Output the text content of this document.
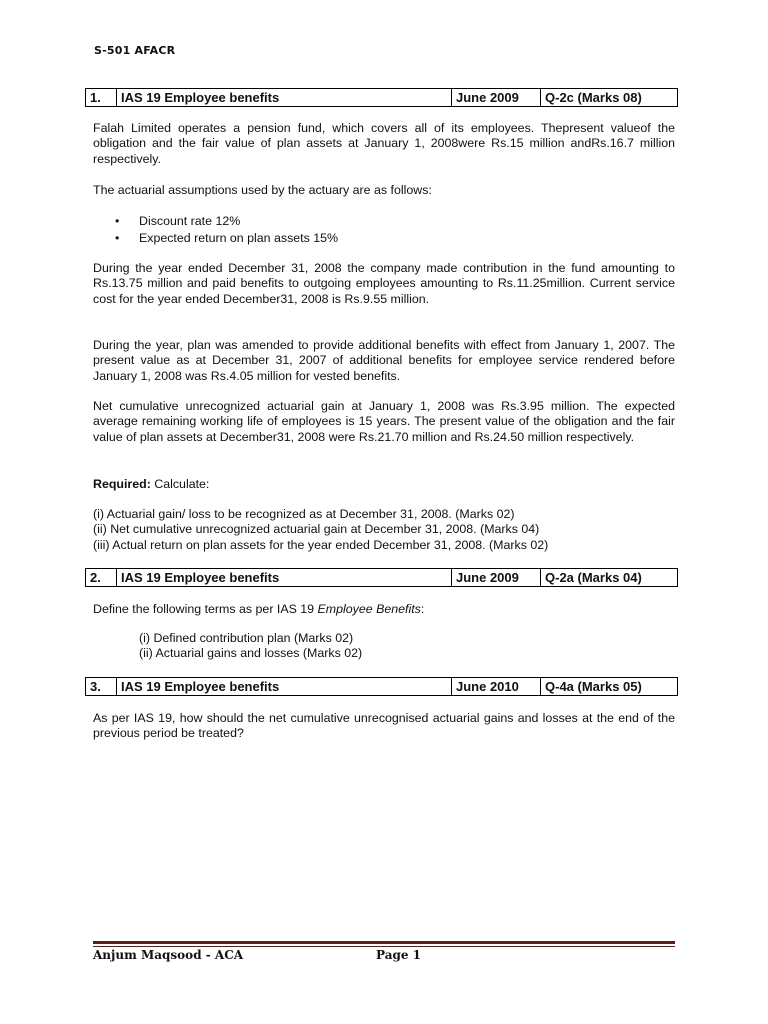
S-501 AFACR
1.	IAS 19 Employee benefits	June 2009	Q-2c (Marks 08)
Falah Limited operates a pension fund, which covers all of its employees. Thepresent valueof the obligation and the fair value of plan assets at January 1, 2008were Rs.15 million andRs.16.7 million respectively.
The actuarial assumptions used by the actuary are as follows:
• Discount rate 12%
• Expected return on plan assets 15%
During the year ended December 31, 2008 the company made contribution in the fund amounting to Rs.13.75 million and paid benefits to outgoing employees amounting to Rs.11.25million. Current service cost for the year ended December31, 2008 is Rs.9.55 million.
During the year, plan was amended to provide additional benefits with effect from January 1, 2007. The present value as at December 31, 2007 of additional benefits for employee service rendered before January 1, 2008 was Rs.4.05 million for vested benefits.
Net cumulative unrecognized actuarial gain at January 1, 2008 was Rs.3.95 million. The expected average remaining working life of employees is 15 years. The present value of the obligation and the fair value of plan assets at December31, 2008 were Rs.21.70 million and Rs.24.50 million respectively.
Required: Calculate:

(i) Actuarial gain/ loss to be recognized as at December 31, 2008. (Marks 02)

(ii) Net cumulative unrecognized actuarial gain at December 31, 2008. (Marks 04)

(iii) Actual return on plan assets for the year ended December 31, 2008. (Marks 02)

2.	IAS 19 Employee benefits	June 2009	Q-2a (Marks 04)
Define the following terms as per IAS 19 Employee Benefits:

(i) Defined contribution plan (Marks 02)

(ii) Actuarial gains and losses (Marks 02)

3.	IAS 19 Employee benefits	June 2010	Q-4a (Marks 05)
As per IAS 19, how should the net cumulative unrecognised actuarial gains and losses at the end of the previous period be treated?
Anjum Maqsood - ACA	Page 1
